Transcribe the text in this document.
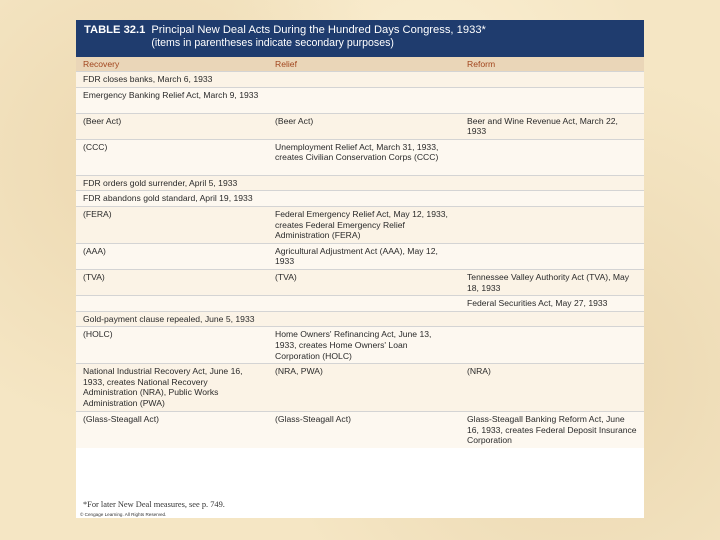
TABLE 32.1 Principal New Deal Acts During the Hundred Days Congress, 1933*
(items in parentheses indicate secondary purposes)
Recovery	Relief	Reform
FDR closes banks, March 6, 1933		
Emergency Banking Relief Act, March 9, 1933		
(Beer Act)	(Beer Act)	Beer and Wine Revenue Act, March 22, 1933
(CCC)	Unemployment Relief Act, March 31, 1933, creates Civilian Conservation Corps (CCC)	
FDR orders gold surrender, April 5, 1933		
FDR abandons gold standard, April 19, 1933		
(FERA)	Federal Emergency Relief Act, May 12, 1933, creates Federal Emergency Relief Administration (FERA)	
(AAA)	Agricultural Adjustment Act (AAA), May 12, 1933	
(TVA)	(TVA)	Tennessee Valley Authority Act (TVA), May 18, 1933
		Federal Securities Act, May 27, 1933
Gold-payment clause repealed, June 5, 1933		
(HOLC)	Home Owners' Refinancing Act, June 13, 1933, creates Home Owners' Loan Corporation (HOLC)	
National Industrial Recovery Act, June 16, 1933, creates National Recovery Administration (NRA), Public Works Administration (PWA)	(NRA, PWA)	(NRA)
(Glass-Steagall Act)	(Glass-Steagall Act)	Glass-Steagall Banking Reform Act, June 16, 1933, creates Federal Deposit Insurance Corporation
*For later New Deal measures, see p. 749.
© Cengage Learning. All Rights Reserved.
